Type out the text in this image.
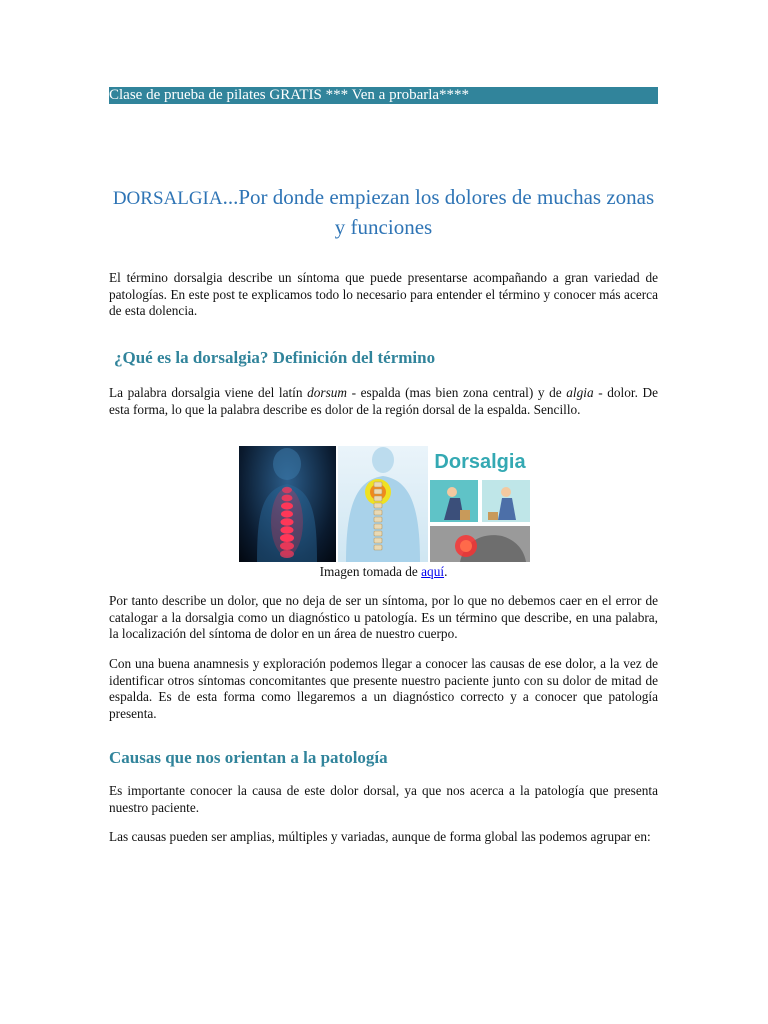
Clase de prueba de pilates GRATIS *** Ven a probarla****
DORSALGIA...Por donde empiezan los dolores de muchas zonas y funciones

El término dorsalgia describe un síntoma que puede presentarse acompañando a gran variedad de patologías. En este post te explicamos todo lo necesario para entender el término y conocer más acerca de esta dolencia.

¿Qué es la dorsalgia? Definición del término

La palabra dorsalgia viene del latín dorsum - espalda (mas bien zona central) y de algia - dolor. De esta forma, lo que la palabra describe es dolor de la región dorsal de la espalda. Sencillo.

Dorsalgia
Imagen tomada de aquí.

Por tanto describe un dolor, que no deja de ser un síntoma, por lo que no debemos caer en el error de catalogar a la dorsalgia como un diagnóstico u patología. Es un término que describe, en una palabra, la localización del síntoma de dolor en un área de nuestro cuerpo.

Con una buena anamnesis y exploración podemos llegar a conocer las causas de ese dolor, a la vez de identificar otros síntomas concomitantes que presente nuestro paciente junto con su dolor de mitad de espalda. Es de esta forma como llegaremos a un diagnóstico correcto y a conocer que patología presenta.

Causas que nos orientan a la patología

Es importante conocer la causa de este dolor dorsal, ya que nos acerca a la patología que presenta nuestro paciente.

Las causas pueden ser amplias, múltiples y variadas, aunque de forma global las podemos agrupar en:
